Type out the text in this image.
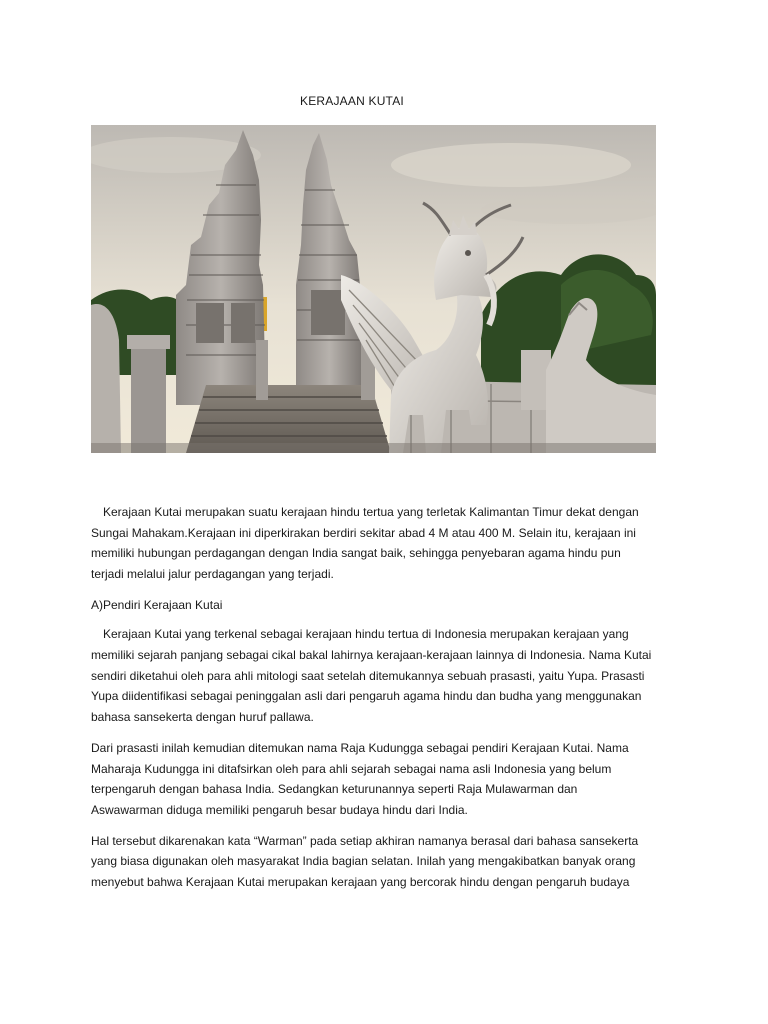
KERAJAAN KUTAI

Kerajaan Kutai merupakan suatu kerajaan hindu tertua yang terletak Kalimantan Timur dekat dengan
Sungai Mahakam.Kerajaan ini diperkirakan berdiri sekitar abad 4 M atau 400 M. Selain itu, kerajaan ini
memiliki hubungan perdagangan dengan India sangat baik, sehingga penyebaran agama hindu pun
terjadi melalui jalur perdagangan yang terjadi.

A)Pendiri Kerajaan Kutai

Kerajaan Kutai yang terkenal sebagai kerajaan hindu tertua di Indonesia merupakan kerajaan yang
memiliki sejarah panjang sebagai cikal bakal lahirnya kerajaan-kerajaan lainnya di Indonesia. Nama Kutai
sendiri diketahui oleh para ahli mitologi saat setelah ditemukannya sebuah prasasti, yaitu Yupa. Prasasti
Yupa diidentifikasi sebagai peninggalan asli dari pengaruh agama hindu dan budha yang menggunakan
bahasa sansekerta dengan huruf pallawa.

Dari prasasti inilah kemudian ditemukan nama Raja Kudungga sebagai pendiri Kerajaan Kutai. Nama
Maharaja Kudungga ini ditafsirkan oleh para ahli sejarah sebagai nama asli Indonesia yang belum
terpengaruh dengan bahasa India. Sedangkan keturunannya seperti Raja Mulawarman dan
Aswawarman diduga memiliki pengaruh besar budaya hindu dari India.

Hal tersebut dikarenakan kata “Warman” pada setiap akhiran namanya berasal dari bahasa sansekerta
yang biasa digunakan oleh masyarakat India bagian selatan. Inilah yang mengakibatkan banyak orang
menyebut bahwa Kerajaan Kutai merupakan kerajaan yang bercorak hindu dengan pengaruh budaya
